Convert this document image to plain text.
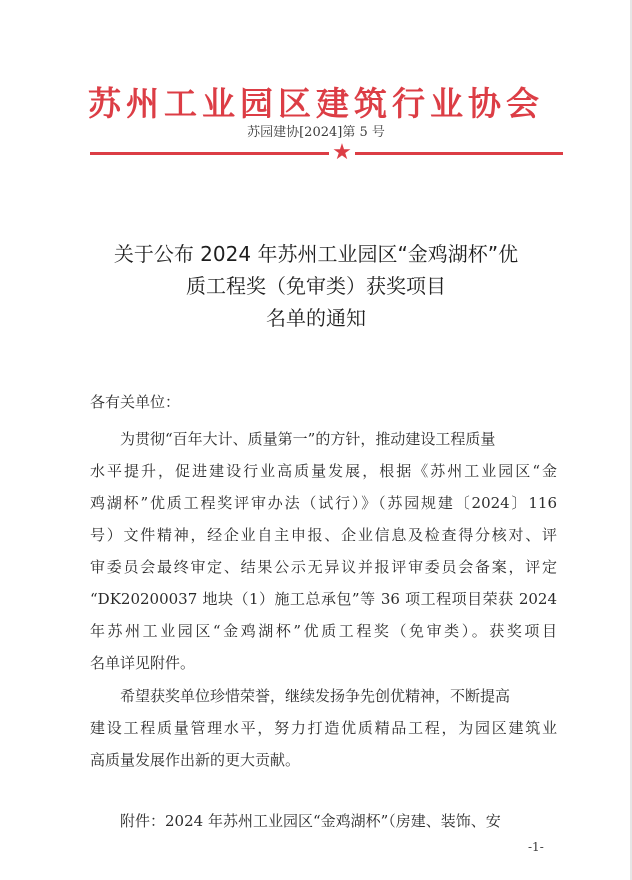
苏州工业园区建筑行业协会
苏园建协[2024]第 5 号
★
关于公布 2024 年苏州工业园区“金鸡湖杯”优
质工程奖（免审类）获奖项目
名单的通知
各有关单位：
为贯彻“百年大计、质量第一”的方针，推动建设工程质量
水平提升，促进建设行业高质量发展，根据《苏州工业园区“金
鸡湖杯”优质工程奖评审办法（试行）》（苏园规建〔2024〕116
号）文件精神，经企业自主申报、企业信息及检查得分核对、评
审委员会最终审定、结果公示无异议并报评审委员会备案，评定
“DK20200037 地块（1）施工总承包”等 36 项工程项目荣获 2024
年苏州工业园区“金鸡湖杯”优质工程奖（免审类）。获奖项目
名单详见附件。
希望获奖单位珍惜荣誉，继续发扬争先创优精神，不断提高
建设工程质量管理水平，努力打造优质精品工程，为园区建筑业
高质量发展作出新的更大贡献。
附件：2024 年苏州工业园区“金鸡湖杯”（房建、装饰、安
-1-
